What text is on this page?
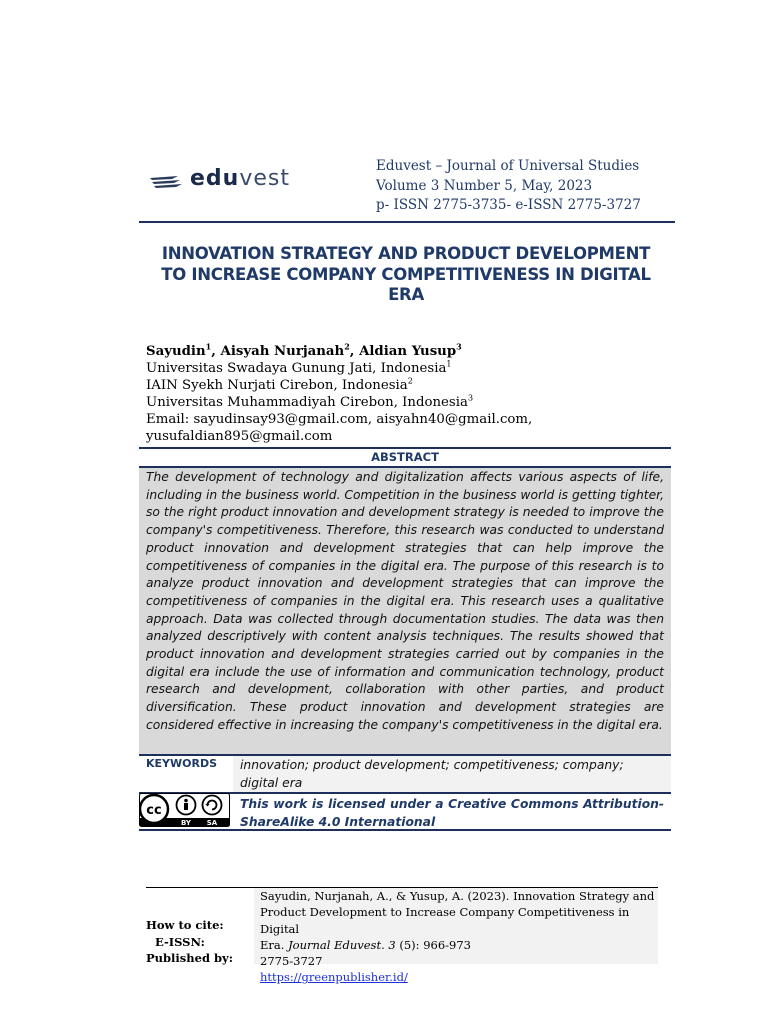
eduvest	Eduvest – Journal of Universal Studies
Volume 3 Number 5, May, 2023
p- ISSN 2775-3735- e-ISSN 2775-3727
INNOVATION STRATEGY AND PRODUCT DEVELOPMENT
TO INCREASE COMPANY COMPETITIVENESS IN DIGITAL
ERA
Sayudin$^1$, Aisyah Nurjanah$^2$, Aldian Yusup$^3$
Universitas Swadaya Gunung Jati, Indonesia$^1$
IAIN Syekh Nurjati Cirebon, Indonesia$^2$
Universitas Muhammadiyah Cirebon, Indonesia$^3$
Email: sayudinsay93@gmail.com, aisyahn40@gmail.com,
yusufaldian895@gmail.com
ABSTRACT
The development of technology and digitalization affects various aspects of life, including in the business world. Competition in the business world is getting tighter, so the right product innovation and development strategy is needed to improve the company's competitiveness. Therefore, this research was conducted to understand product innovation and development strategies that can help improve the competitiveness of companies in the digital era. The purpose of this research is to analyze product innovation and development strategies that can improve the competitiveness of companies in the digital era. This research uses a qualitative approach. Data was collected through documentation studies. The data was then analyzed descriptively with content analysis techniques. The results showed that product innovation and development strategies carried out by companies in the digital era include the use of information and communication technology, product research and development, collaboration with other parties, and product diversification. These product innovation and development strategies are considered effective in increasing the company's competitiveness in the digital era.
KEYWORDS innovation; product development; competitiveness; company; digital era
cc
BY SA
This work is licensed under a Creative Commons Attribution-ShareAlike 4.0 International
How to cite:
E-ISSN:
Published by:
Sayudin, Nurjanah, A., & Yusup, A. (2023). Innovation Strategy and
Product Development to Increase Company Competitiveness in Digital
Era. Journal Eduvest. 3 (5): 966-973
2775-3727
https://greenpublisher.id/
